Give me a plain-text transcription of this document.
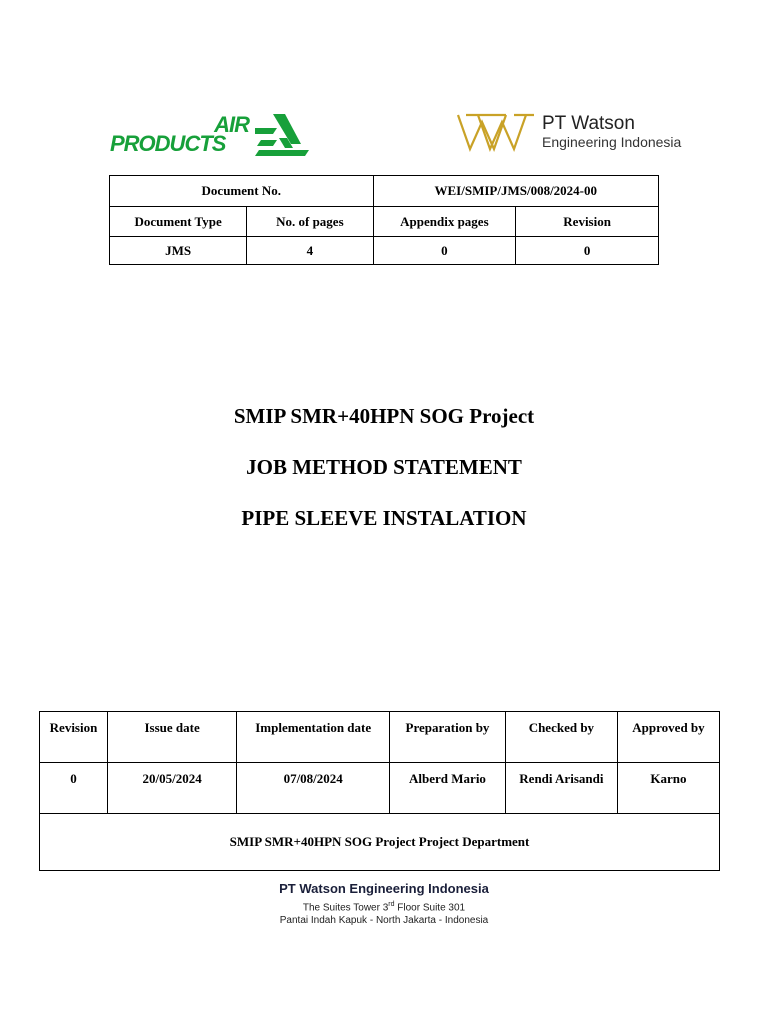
AIR
PRODUCTS
PT Watson
Engineering Indonesia
Document No.		WEI/SMIP/JMS/008/2024-00	
Document Type	No. of pages	Appendix pages	Revision
JMS	4	0	0
SMIP SMR+40HPN SOG Project
JOB METHOD STATEMENT
PIPE SLEEVE INSTALATION
Revision	Issue date	Implementation date	Preparation by	Checked by	Approved by
0	20/05/2024	07/08/2024	Alberd Mario	Rendi Arisandi	Karno
SMIP SMR+40HPN SOG Project Project Department					
PT Watson Engineering Indonesia
The Suites Tower 3rd Floor Suite 301
Pantai Indah Kapuk - North Jakarta - Indonesia
